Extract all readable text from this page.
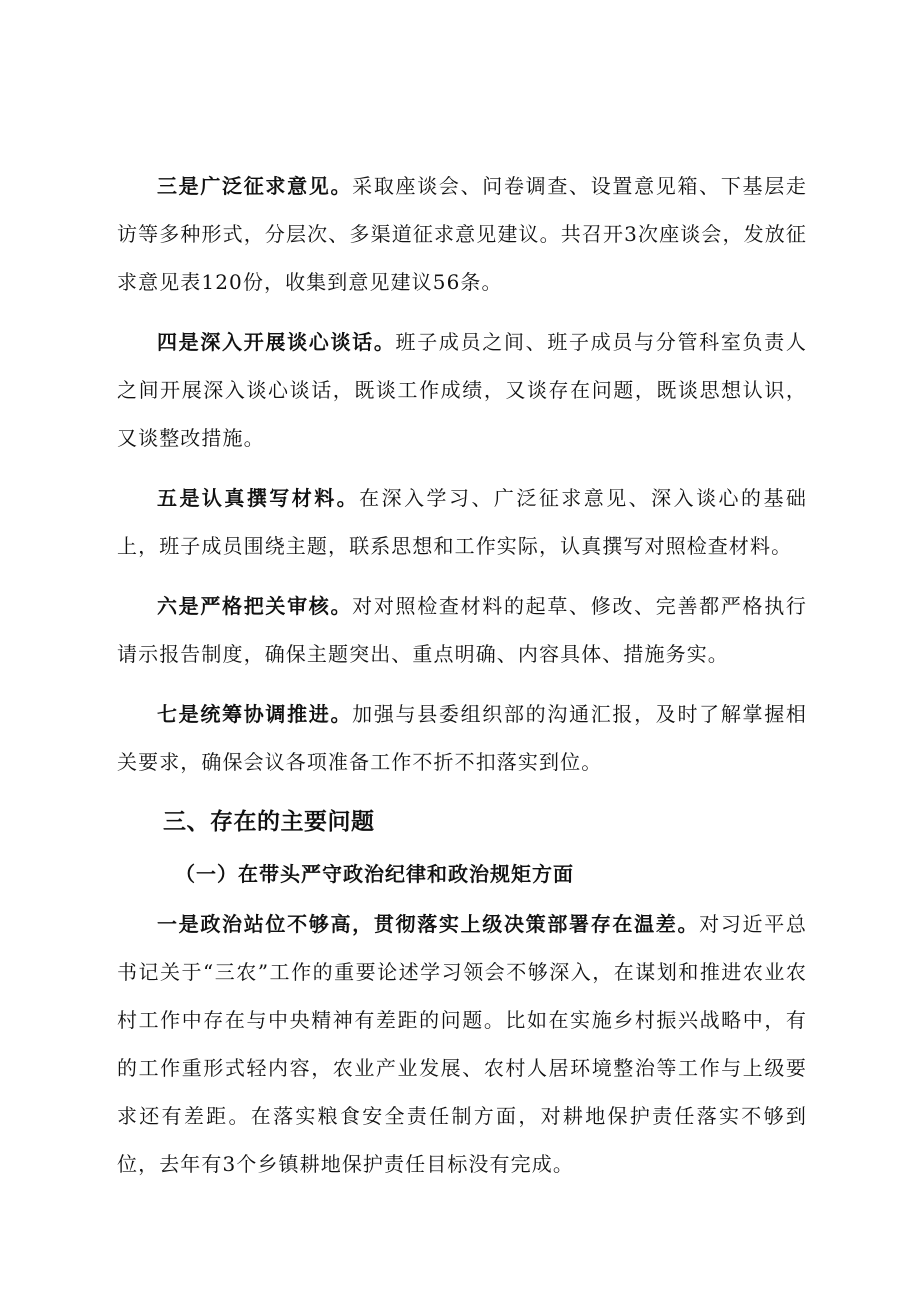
三是广泛征求意见。采取座谈会、问卷调查、设置意见箱、下基层走访等多种形式，分层次、多渠道征求意见建议。共召开3次座谈会，发放征求意见表120份，收集到意见建议56条。

四是深入开展谈心谈话。班子成员之间、班子成员与分管科室负责人之间开展深入谈心谈话，既谈工作成绩，又谈存在问题，既谈思想认识，又谈整改措施。

五是认真撰写材料。在深入学习、广泛征求意见、深入谈心的基础上，班子成员围绕主题，联系思想和工作实际，认真撰写对照检查材料。

六是严格把关审核。对对照检查材料的起草、修改、完善都严格执行请示报告制度，确保主题突出、重点明确、内容具体、措施务实。

七是统筹协调推进。加强与县委组织部的沟通汇报，及时了解掌握相关要求，确保会议各项准备工作不折不扣落实到位。

三、存在的主要问题
（一）在带头严守政治纪律和政治规矩方面

一是政治站位不够高，贯彻落实上级决策部署存在温差。对习近平总书记关于“三农”工作的重要论述学习领会不够深入，在谋划和推进农业农村工作中存在与中央精神有差距的问题。比如在实施乡村振兴战略中，有的工作重形式轻内容，农业产业发展、农村人居环境整治等工作与上级要求还有差距。在落实粮食安全责任制方面，对耕地保护责任落实不够到位，去年有3个乡镇耕地保护责任目标没有完成。
